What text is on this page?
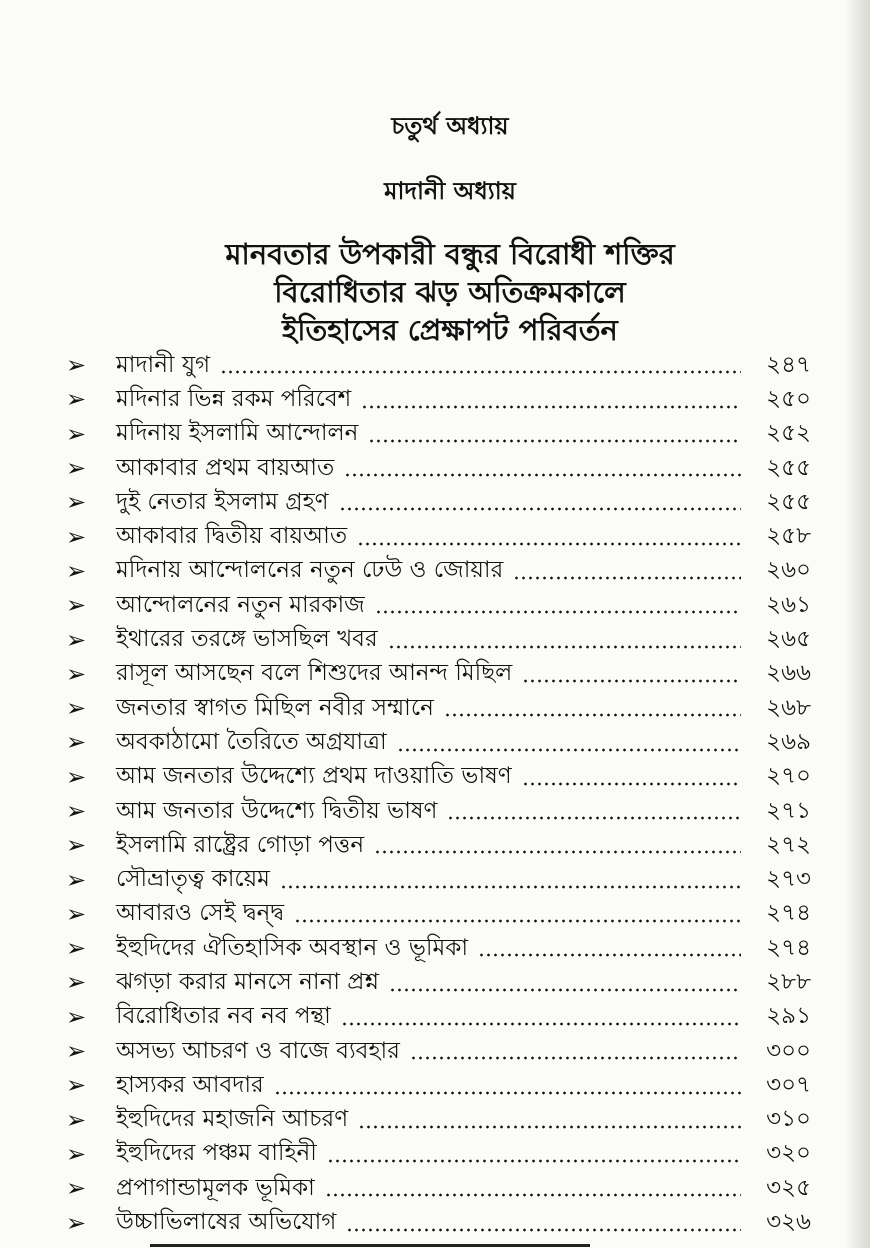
চতুর্থ অধ্যায়
মাদানী অধ্যায়
মানবতার উপকারী বন্ধুর বিরোধী শক্তির
বিরোধিতার ঝড় অতিক্রমকালে
ইতিহাসের প্রেক্ষাপট পরিবর্তন
➢	মাদানী যুগ	২৪৭
➢	মদিনার ভিন্ন রকম পরিবেশ	২৫০
➢	মদিনায় ইসলামি আন্দোলন	২৫২
➢	আকাবার প্রথম বায়আত	২৫৫
➢	দুই নেতার ইসলাম গ্রহণ	২৫৫
➢	আকাবার দ্বিতীয় বায়আত	২৫৮
➢	মদিনায় আন্দোলনের নতুন ঢেউ ও জোয়ার	২৬০
➢	আন্দোলনের নতুন মারকাজ	২৬১
➢	ইথারের তরঙ্গে ভাসছিল খবর	২৬৫
➢	রাসূল আসছেন বলে শিশুদের আনন্দ মিছিল	২৬৬
➢	জনতার স্বাগত মিছিল নবীর সম্মানে	২৬৮
➢	অবকাঠামো তৈরিতে অগ্রযাত্রা	২৬৯
➢	আম জনতার উদ্দেশ্যে প্রথম দাওয়াতি ভাষণ	২৭০
➢	আম জনতার উদ্দেশ্যে দ্বিতীয় ভাষণ	২৭১
➢	ইসলামি রাষ্ট্রের গোড়া পত্তন	২৭২
➢	সৌভ্রাতৃত্ব কায়েম	২৭৩
➢	আবারও সেই দ্বন্দ্ব	২৭৪
➢	ইহুদিদের ঐতিহাসিক অবস্থান ও ভূমিকা	২৭৪
➢	ঝগড়া করার মানসে নানা প্রশ্ন	২৮৮
➢	বিরোধিতার নব নব পন্থা	২৯১
➢	অসভ্য আচরণ ও বাজে ব্যবহার	৩০০
➢	হাস্যকর আবদার	৩০৭
➢	ইহুদিদের মহাজনি আচরণ	৩১০
➢	ইহুদিদের পঞ্চম বাহিনী	৩২০
➢	প্রপাগান্ডামূলক ভূমিকা	৩২৫
➢	উচ্চাভিলাষের অভিযোগ	৩২৬
